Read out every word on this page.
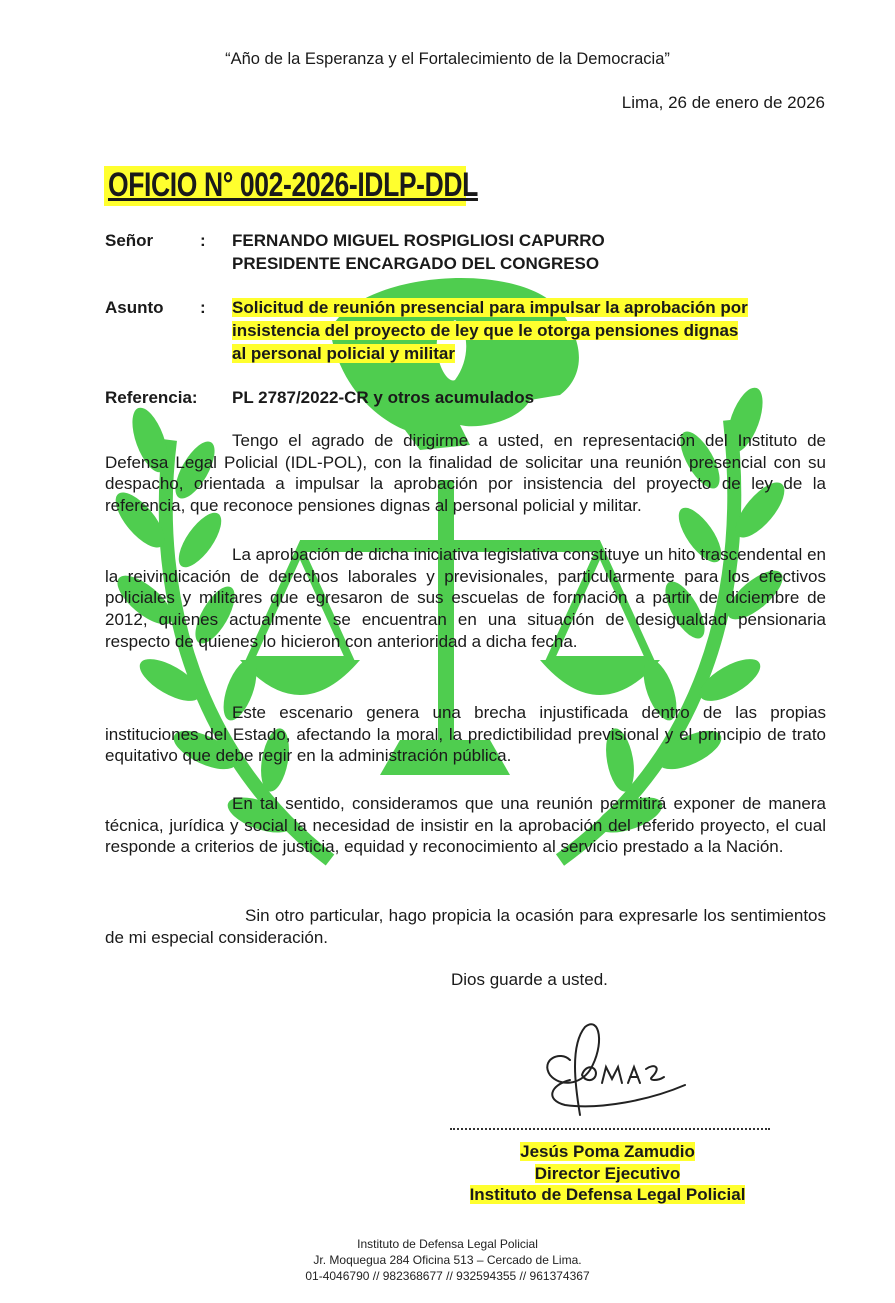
“Año de la Esperanza y el Fortalecimiento de la Democracia”
Lima, 26 de enero de 2026
OFICIO N° 002-2026-IDLP-DDL
Señor	: FERNANDO MIGUEL ROSPIGLIOSI CAPURRO
PRESIDENTE ENCARGADO DEL CONGRESO
Asunto	: Solicitud de reunión presencial para impulsar la aprobación por
insistencia del proyecto de ley que le otorga pensiones dignas
al personal policial y militar
Referencia:	PL 2787/2022-CR y otros acumulados

Tengo el agrado de dirigirme a usted, en representación del Instituto de Defensa Legal Policial (IDL-POL), con la finalidad de solicitar una reunión presencial con su despacho, orientada a impulsar la aprobación por insistencia del proyecto de ley de la referencia, que reconoce pensiones dignas al personal policial y militar.

La aprobación de dicha iniciativa legislativa constituye un hito trascendental en la reivindicación de derechos laborales y previsionales, particularmente para los efectivos policiales y militares que egresaron de sus escuelas de formación a partir de diciembre de 2012, quienes actualmente se encuentran en una situación de desigualdad pensionaria respecto de quienes lo hicieron con anterioridad a dicha fecha.

Este escenario genera una brecha injustificada dentro de las propias instituciones del Estado, afectando la moral, la predictibilidad previsional y el principio de trato equitativo que debe regir en la administración pública.

En tal sentido, consideramos que una reunión permitirá exponer de manera técnica, jurídica y social la necesidad de insistir en la aprobación del referido proyecto, el cual responde a criterios de justicia, equidad y reconocimiento al servicio prestado a la Nación.

Sin otro particular, hago propicia la ocasión para expresarle los sentimientos de mi especial consideración.

Dios guarde a usted.
Jesús Poma Zamudio
Director Ejecutivo
Instituto de Defensa Legal Policial
Instituto de Defensa Legal Policial
Jr. Moquegua 284 Oficina 513 – Cercado de Lima.
01-4046790 // 982368677 // 932594355 // 961374367
